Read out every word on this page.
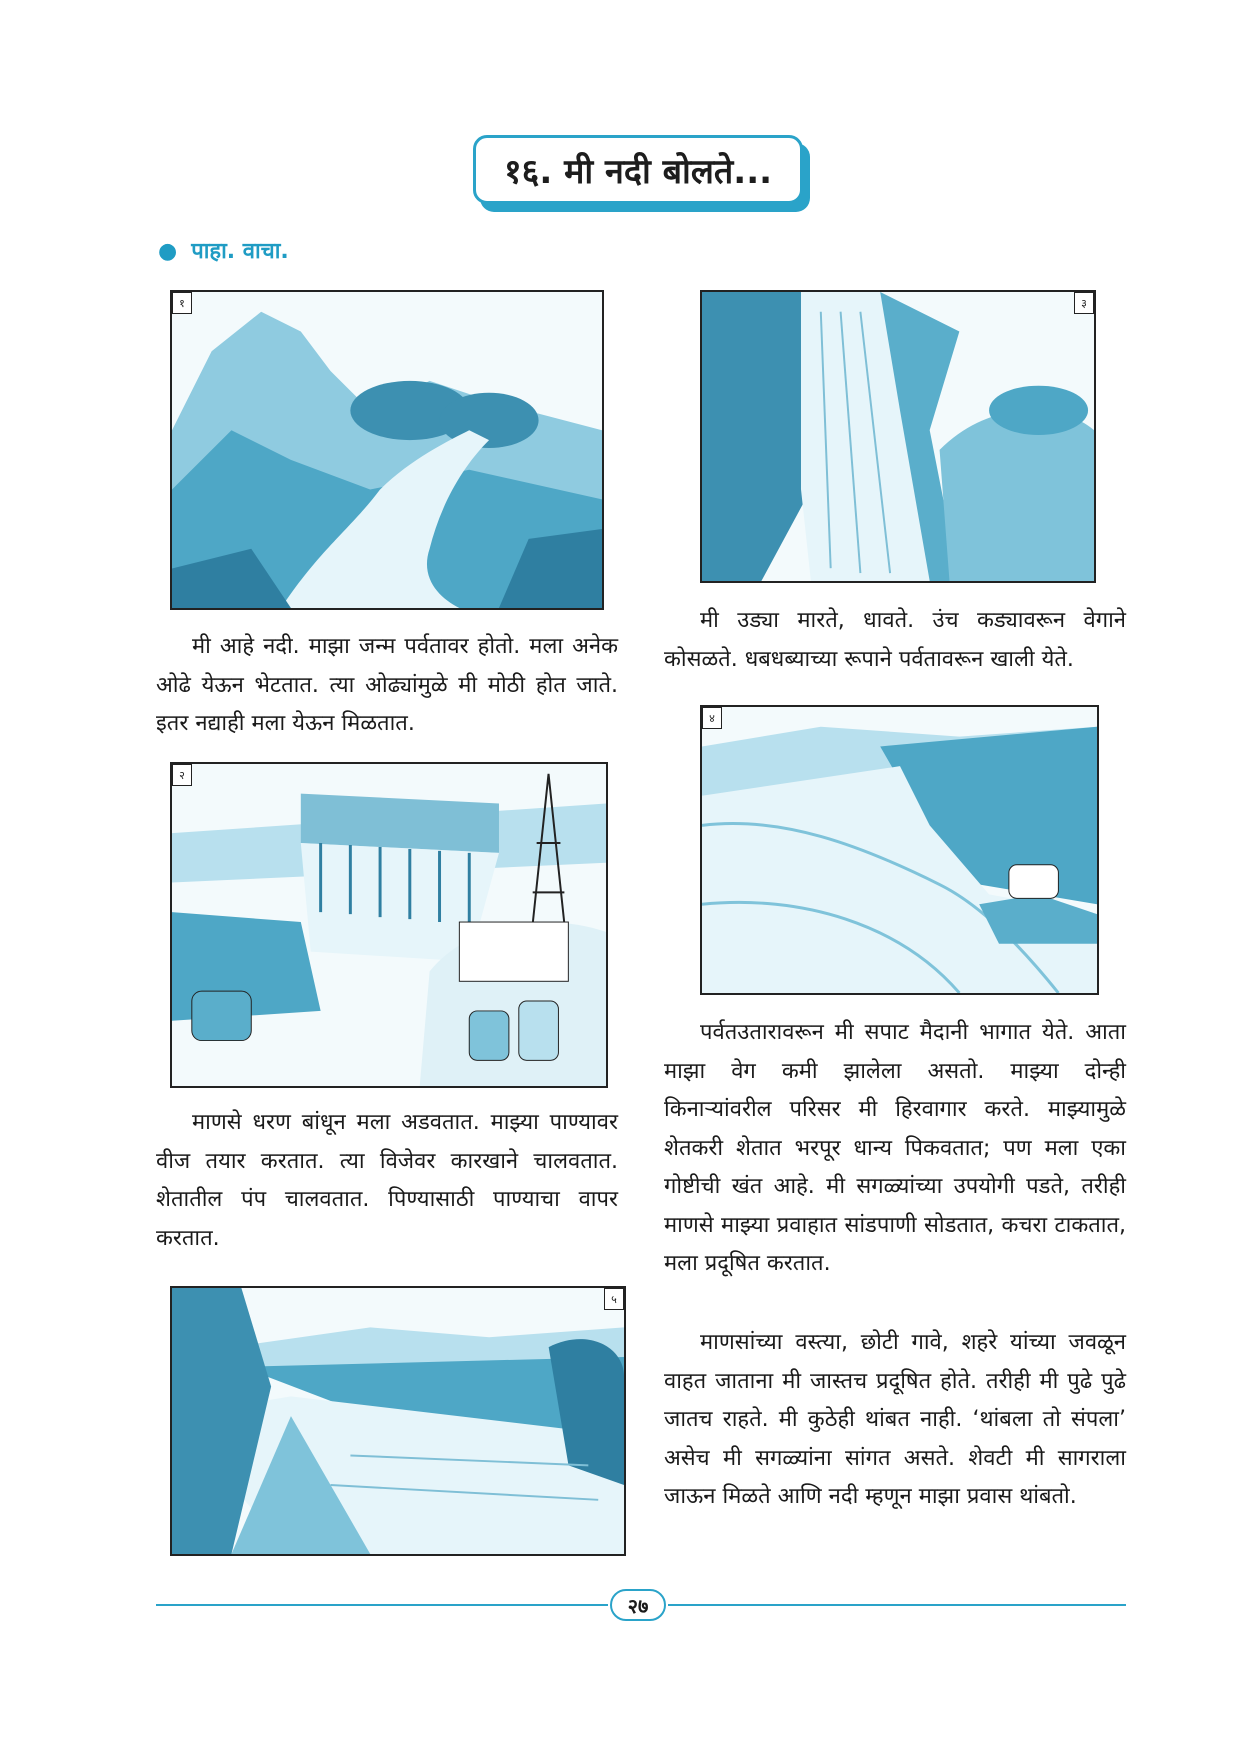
१६. मी नदी बोलते...
● पाहा. वाचा.
१
२
३
४
५

मी आहे नदी. माझा जन्म पर्वतावर होतो. मला अनेक ओढे येऊन भेटतात. त्या ओढ्यांमुळे मी मोठी होत जाते. इतर नद्याही मला येऊन मिळतात.

माणसे धरण बांधून मला अडवतात. माझ्या पाण्यावर वीज तयार करतात. त्या विजेवर कारखाने चालवतात. शेतातील पंप चालवतात. पिण्यासाठी पाण्याचा वापर करतात.

मी उड्या मारते, धावते. उंच कड्यावरून वेगाने कोसळते. धबधब्याच्या रूपाने पर्वतावरून खाली येते.

पर्वतउतारावरून मी सपाट मैदानी भागात येते. आता माझा वेग कमी झालेला असतो. माझ्या दोन्ही किनाऱ्यांवरील परिसर मी हिरवागार करते. माझ्यामुळे शेतकरी शेतात भरपूर धान्य पिकवतात; पण मला एका गोष्टीची खंत आहे. मी सगळ्यांच्या उपयोगी पडते, तरीही माणसे माझ्या प्रवाहात सांडपाणी सोडतात, कचरा टाकतात, मला प्रदूषित करतात.

माणसांच्या वस्त्या, छोटी गावे, शहरे यांच्या जवळून वाहत जाताना मी जास्तच प्रदूषित होते. तरीही मी पुढे पुढे जातच राहते. मी कुठेही थांबत नाही. ‘थांबला तो संपला’ असेच मी सगळ्यांना सांगत असते. शेवटी मी सागराला जाऊन मिळते आणि नदी म्हणून माझा प्रवास थांबतो.

२७
